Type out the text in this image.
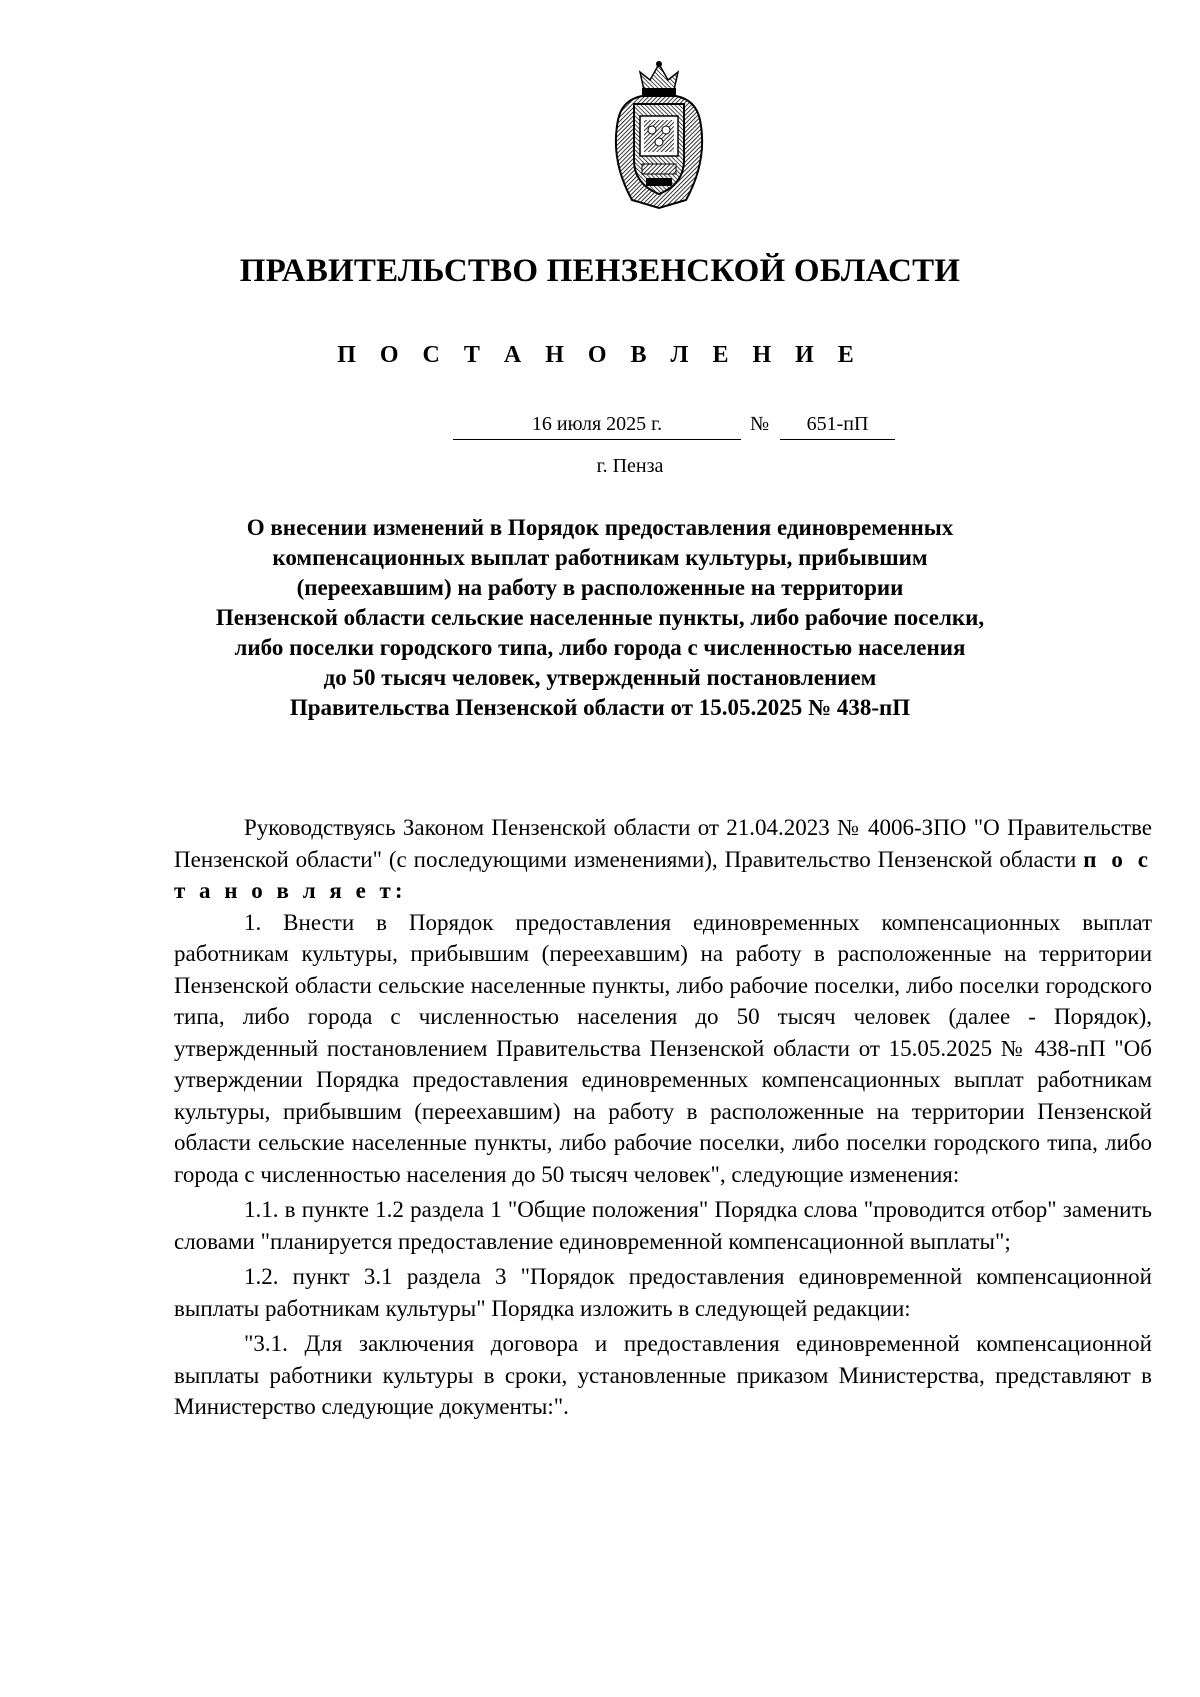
ПРАВИТЕЛЬСТВО ПЕНЗЕНСКОЙ ОБЛАСТИ
П О С Т А Н О В Л Е Н И Е
16 июля 2025 г.	№	651-пП
г. Пенза
О внесении изменений в Порядок предоставления единовременных
компенсационных выплат работникам культуры, прибывшим
(переехавшим) на работу в расположенные на территории
Пензенской области сельские населенные пункты, либо рабочие поселки,
либо поселки городского типа, либо города с численностью населения
до 50 тысяч человек, утвержденный постановлением
Правительства Пензенской области от 15.05.2025 № 438-пП

Руководствуясь Законом Пензенской области от 21.04.2023 № 4006-ЗПО "О Правительстве Пензенской области" (с последующими изменениями), Правительство Пензенской области п о с т а н о в л я е т:

1. Внести в Порядок предоставления единовременных компенсационных выплат работникам культуры, прибывшим (переехавшим) на работу в расположенные на территории Пензенской области сельские населенные пункты, либо рабочие поселки, либо поселки городского типа, либо города с численностью населения до 50 тысяч человек (далее - Порядок), утвержденный постановлением Правительства Пензенской области от 15.05.2025 № 438-пП "Об утверждении Порядка предоставления единовременных компенсационных выплат работникам культуры, прибывшим (переехавшим) на работу в расположенные на территории Пензенской области сельские населенные пункты, либо рабочие поселки, либо поселки городского типа, либо города с численностью населения до 50 тысяч человек", следующие изменения:

1.1. в пункте 1.2 раздела 1 "Общие положения" Порядка слова "проводится отбор" заменить словами "планируется предоставление единовременной компенсационной выплаты";

1.2. пункт 3.1 раздела 3 "Порядок предоставления единовременной компенсационной выплаты работникам культуры" Порядка изложить в следующей редакции:

"3.1. Для заключения договора и предоставления единовременной компенсационной выплаты работники культуры в сроки, установленные приказом Министерства, представляют в Министерство следующие документы:".
